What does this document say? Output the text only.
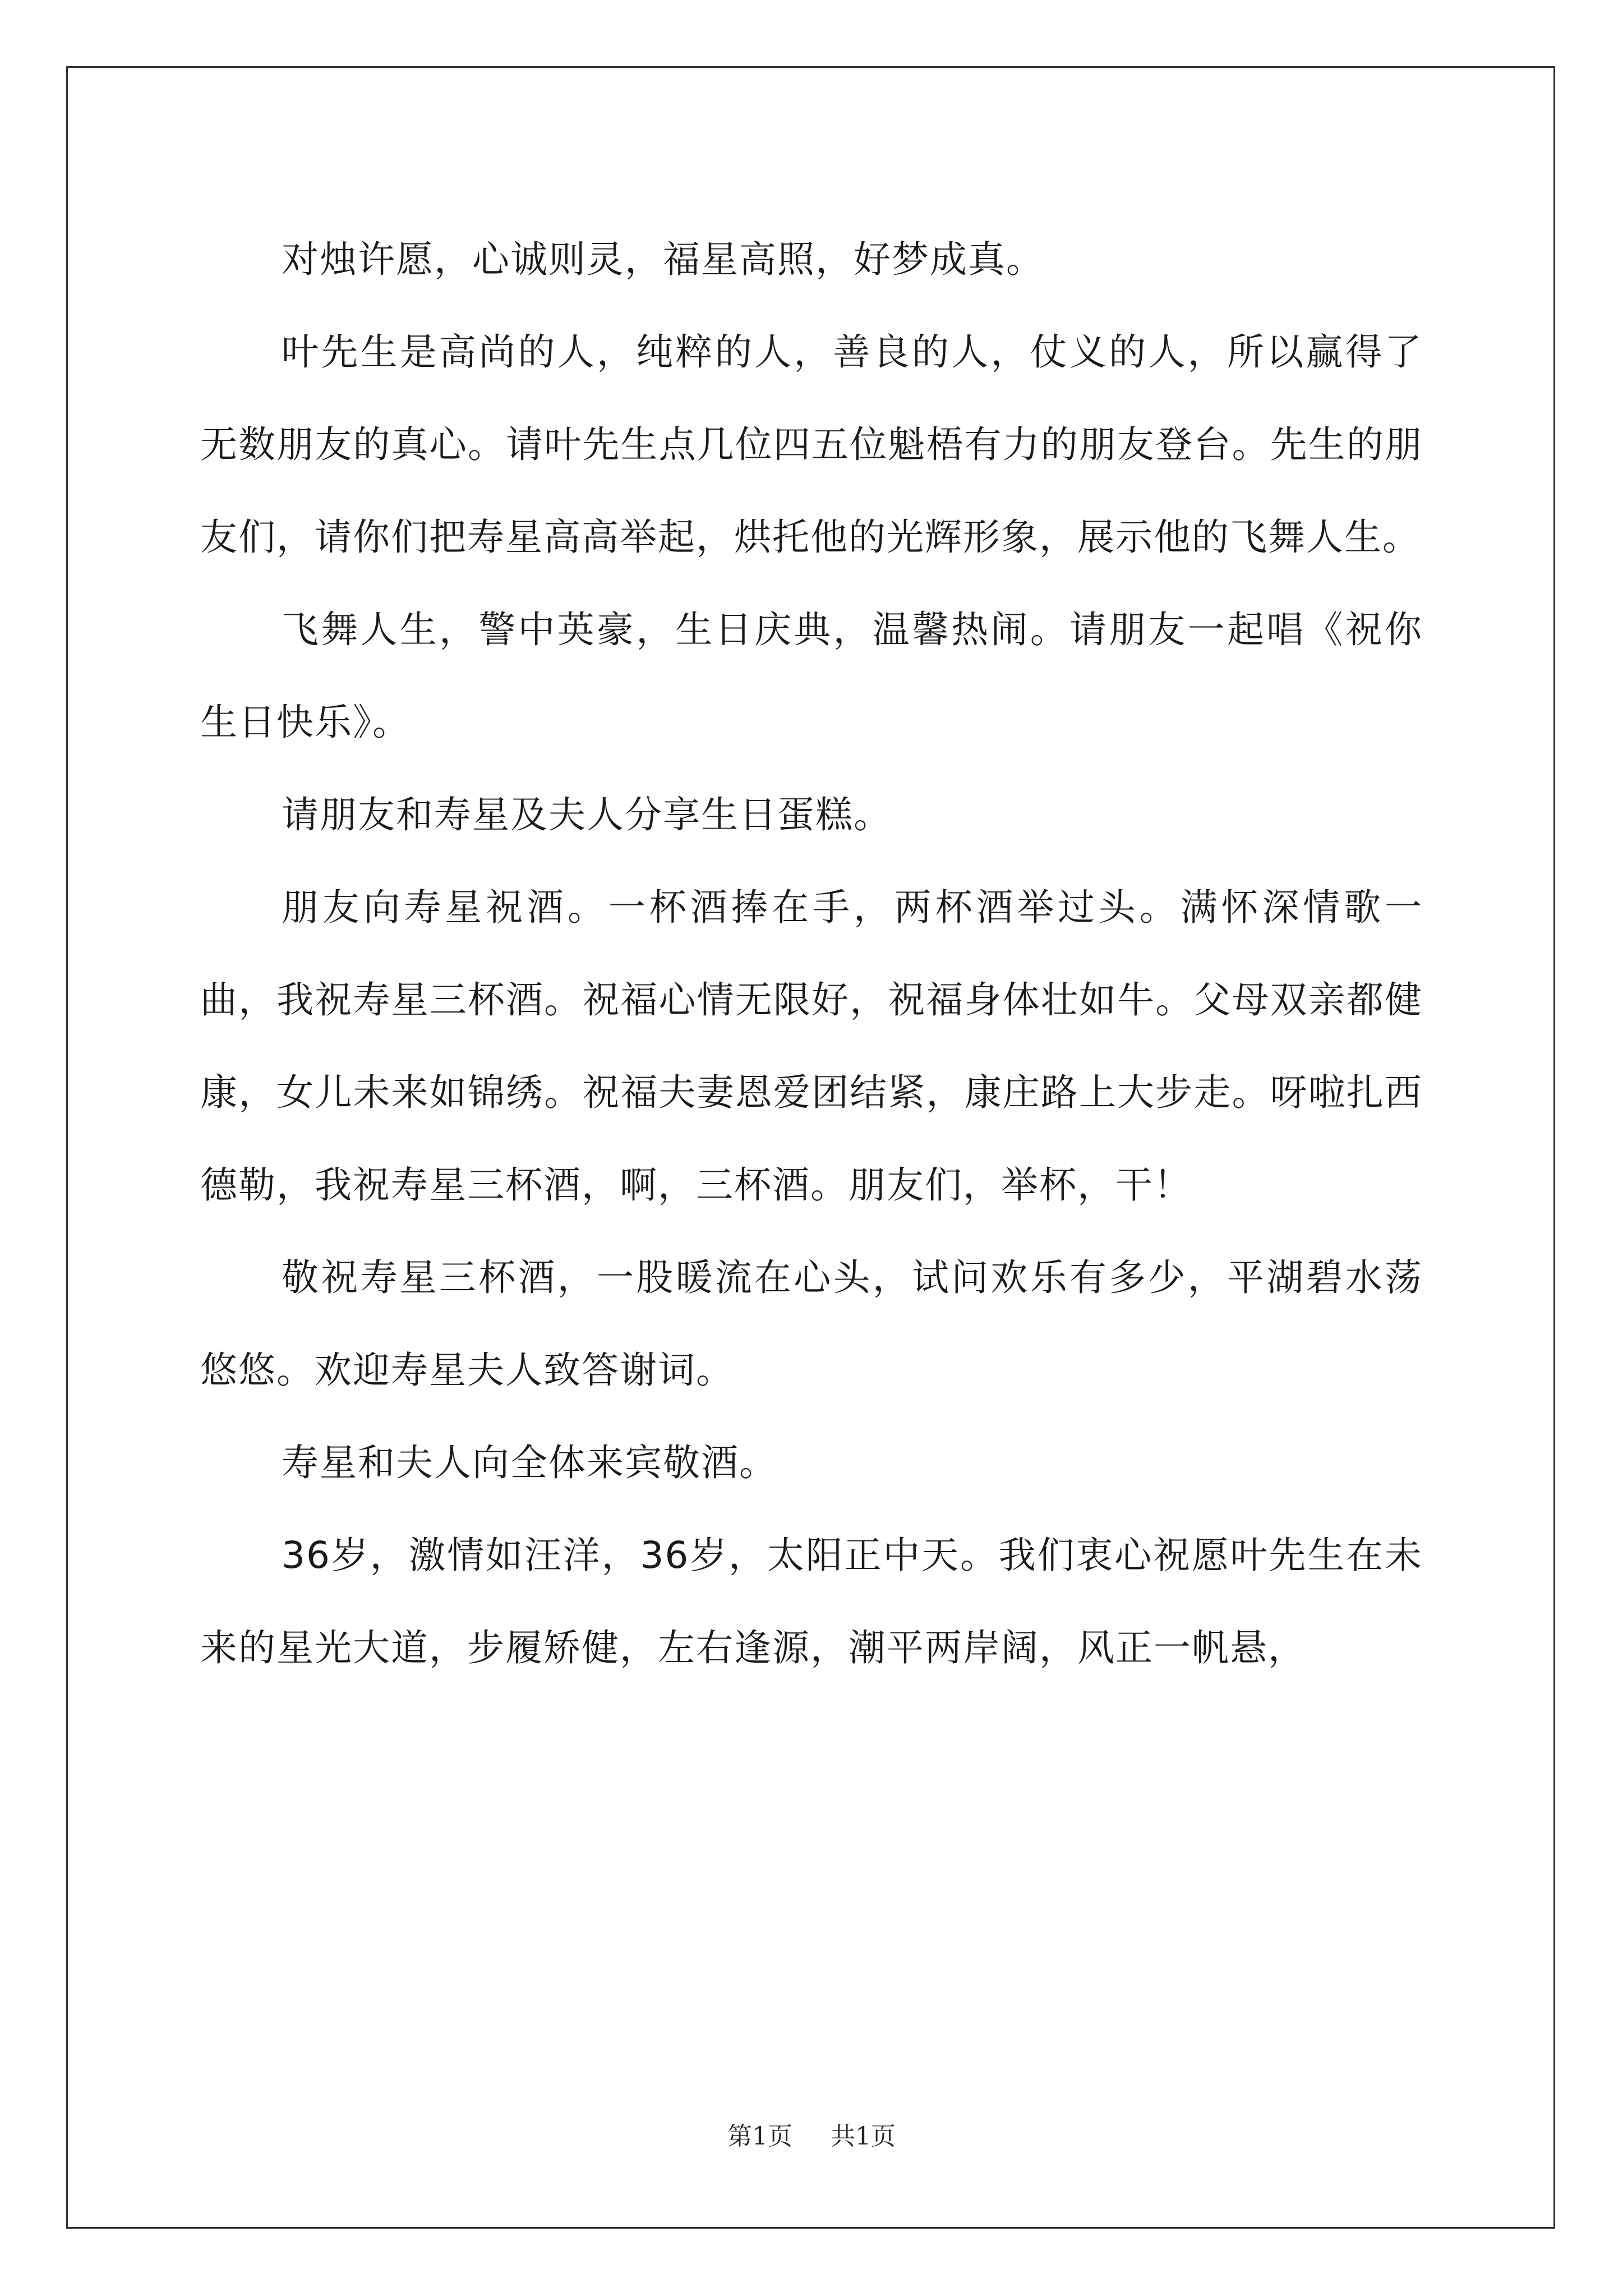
对烛许愿，心诚则灵，福星高照，好梦成真。

叶先生是高尚的人，纯粹的人，善良的人，仗义的人，所以赢得了无数朋友的真心。请叶先生点几位四五位魁梧有力的朋友登台。先生的朋友们，请你们把寿星高高举起，烘托他的光辉形象，展示他的飞舞人生。

飞舞人生，警中英豪，生日庆典，温馨热闹。请朋友一起唱《祝你生日快乐》。

请朋友和寿星及夫人分享生日蛋糕。

朋友向寿星祝酒。一杯酒捧在手，两杯酒举过头。满怀深情歌一曲，我祝寿星三杯酒。祝福心情无限好，祝福身体壮如牛。父母双亲都健康，女儿未来如锦绣。祝福夫妻恩爱团结紧，康庄路上大步走。呀啦扎西德勒，我祝寿星三杯酒，啊，三杯酒。朋友们，举杯，干！

敬祝寿星三杯酒，一股暖流在心头，试问欢乐有多少，平湖碧水荡悠悠。欢迎寿星夫人致答谢词。

寿星和夫人向全体来宾敬酒。

36岁，激情如汪洋，36岁，太阳正中天。我们衷心祝愿叶先生在未来的星光大道，步履矫健，左右逢源，潮平两岸阔，风正一帆悬，

第1页 共1页
